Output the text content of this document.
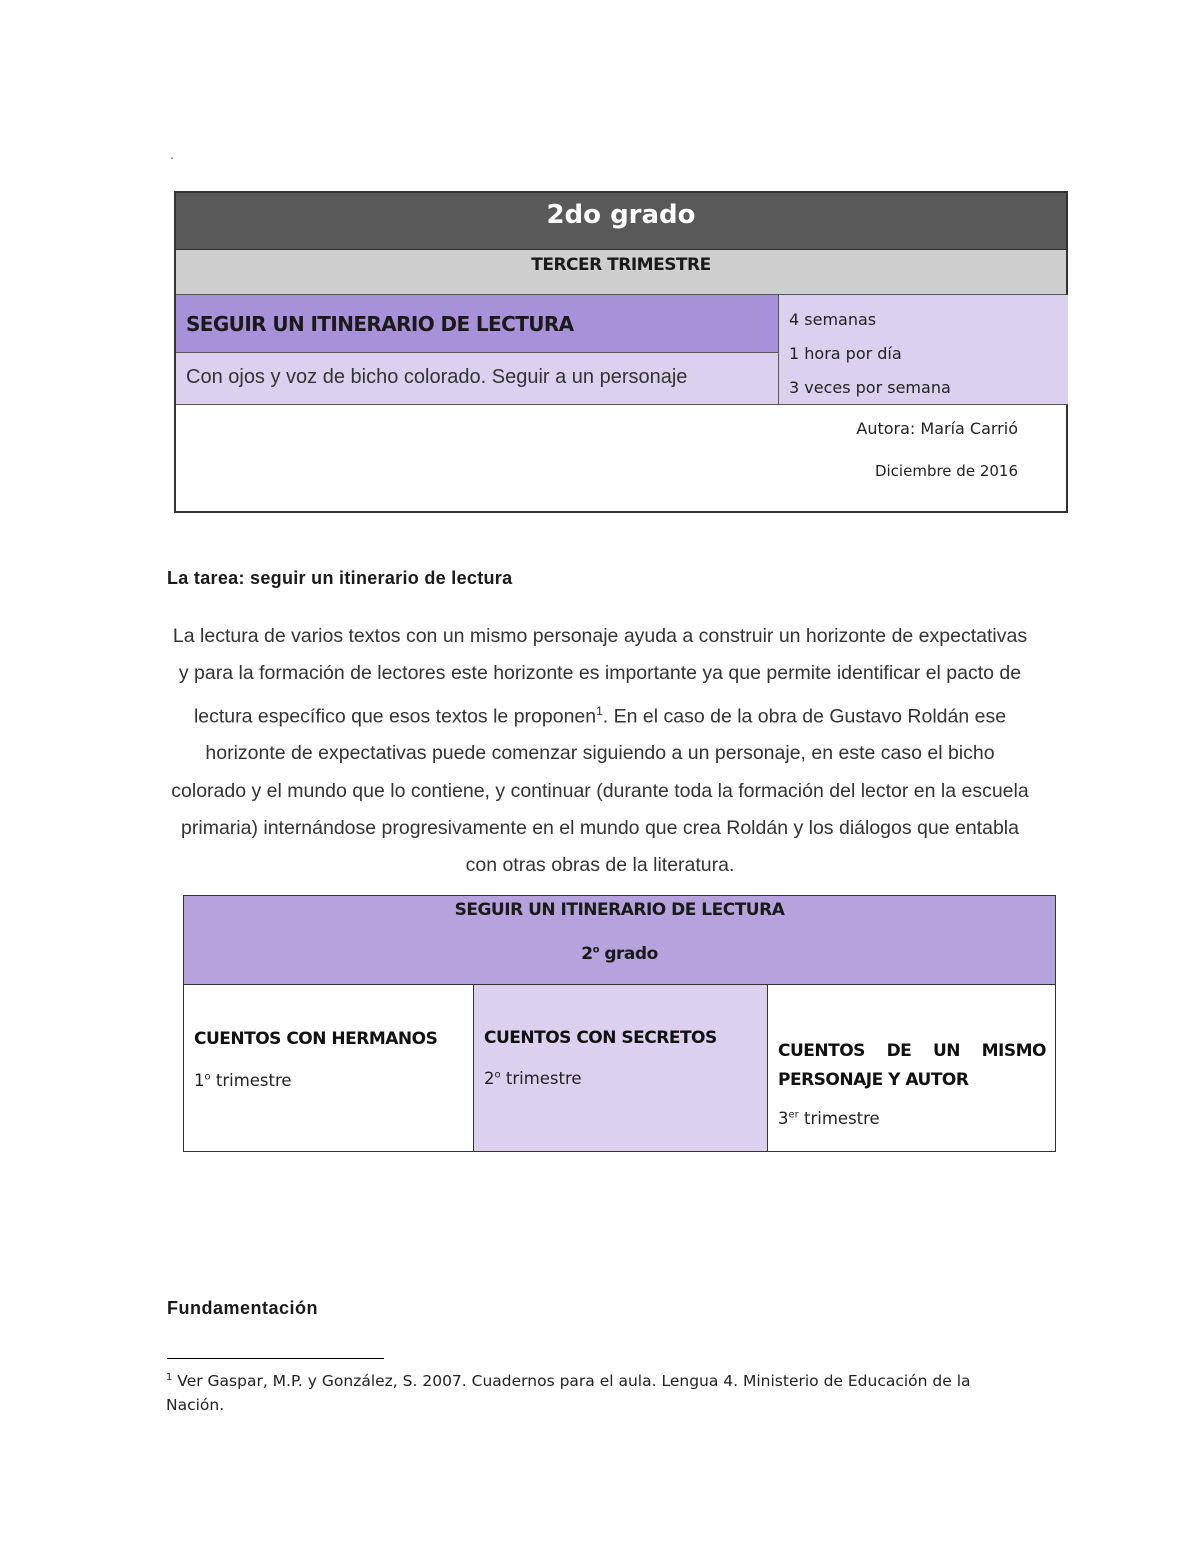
.
2do grado
TERCER TRIMESTRE
SEGUIR UN ITINERARIO DE LECTURA
Con ojos y voz de bicho colorado. Seguir a un personaje
4 semanas
1 hora por día
3 veces por semana
Autora: María Carrió
Diciembre de 2016
La tarea: seguir un itinerario de lectura
La lectura de varios textos con un mismo personaje ayuda a construir un horizonte de expectativas y para la formación de lectores este horizonte es importante ya que permite identificar el pacto de lectura específico que esos textos le proponen$^1$. En el caso de la obra de Gustavo Roldán ese horizonte de expectativas puede comenzar siguiendo a un personaje, en este caso el bicho colorado y el mundo que lo contiene, y continuar (durante toda la formación del lector en la escuela primaria) internándose progresivamente en el mundo que crea Roldán y los diálogos que entabla con otras obras de la literatura.
SEGUIR UN ITINERARIO DE LECTURA
2$^o$ grado
CUENTOS CON HERMANOS
1$^o$ trimestre
CUENTOS CON SECRETOS
2$^o$ trimestre
CUENTOS DE UN MISMO PERSONAJE Y AUTOR
3er trimestre
Fundamentación
$^1$ Ver Gaspar, M.P. y González, S. 2007. Cuadernos para el aula. Lengua 4. Ministerio de Educación de la Nación.
